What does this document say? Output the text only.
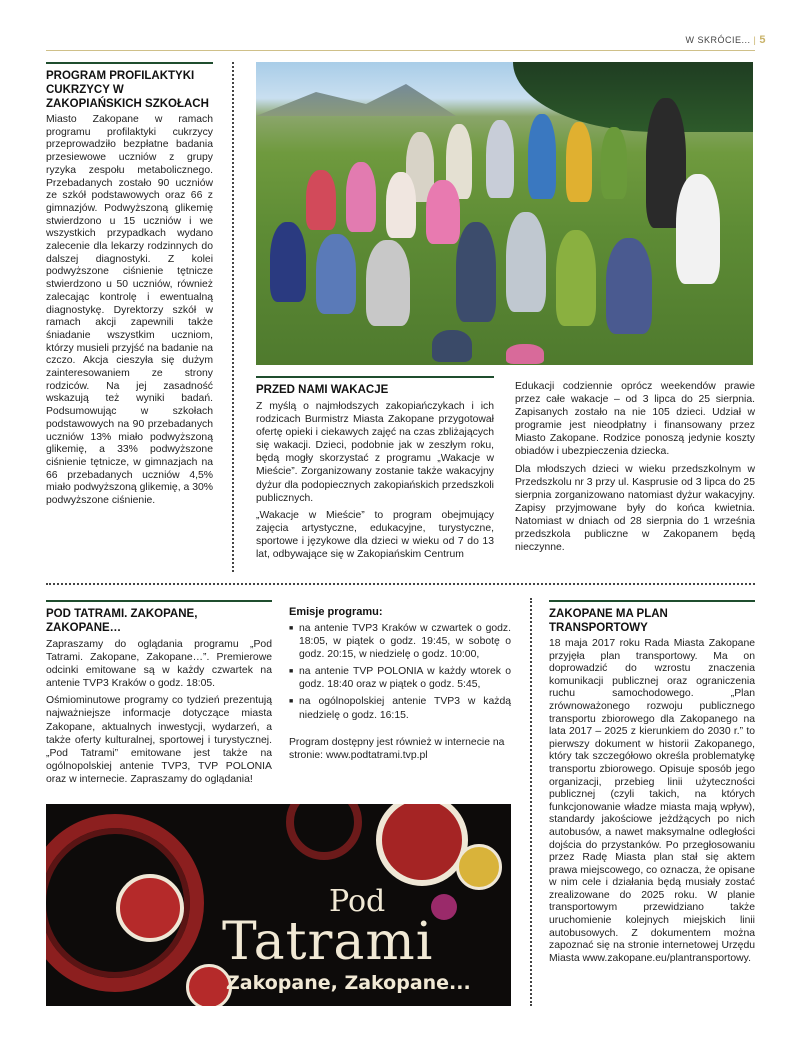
W SKRÓCIE... | 5
PROGRAM PROFILAKTYKI CUKRZYCY W ZAKOPIAŃSKICH SZKOŁACH

Miasto Zakopane w ramach programu profilaktyki cukrzycy przeprowadziło bezpłatne badania przesiewowe uczniów z grupy ryzyka zespołu metabolicznego. Przebadanych zostało 90 uczniów ze szkół podstawowych oraz 66 z gimnazjów. Podwyższoną glikemię stwierdzono u 15 uczniów i we wszystkich przypadkach wydano zalecenie dla lekarzy rodzinnych do dalszej diagnostyki. Z kolei podwyższone ciśnienie tętnicze stwierdzono u 50 uczniów, również zalecając kontrolę i ewentualną diagnostykę. Dyrektorzy szkół w ramach akcji zapewnili także śniadanie wszystkim uczniom, którzy musieli przyjść na badanie na czczo. Akcja cieszyła się dużym zainteresowaniem ze strony rodziców. Na jej zasadność wskazują też wyniki badań. Podsumowując w szkołach podstawowych na 90 przebadanych uczniów 13% miało podwyższoną glikemię, a 33% podwyższone ciśnienie tętnicze, w gimnazjach na 66 przebadanych uczniów 4,5% miało podwyższoną glikemię, a 30% podwyższone ciśnienie.

PRZED NAMI WAKACJE

Z myślą o najmłodszych zakopiańczykach i ich rodzicach Burmistrz Miasta Zakopane przygotował ofertę opieki i ciekawych zajęć na czas zbliżających się wakacji. Dzieci, podobnie jak w zeszłym roku, będą mogły skorzystać z programu „Wakacje w Mieście”. Zorganizowany zostanie także wakacyjny dyżur dla podopiecznych zakopiańskich przedszkoli publicznych.

„Wakacje w Mieście” to program obejmujący zajęcia artystyczne, edukacyjne, turystyczne, sportowe i językowe dla dzieci w wieku od 7 do 13 lat, odbywające się w Zakopiańskim Centrum

Edukacji codziennie oprócz weekendów prawie przez całe wakacje – od 3 lipca do 25 sierpnia. Zapisanych zostało na nie 105 dzieci. Udział w programie jest nieodpłatny i finansowany przez Miasto Zakopane. Rodzice ponoszą jedynie koszty obiadów i ubezpieczenia dziecka.

Dla młodszych dzieci w wieku przedszkolnym w Przedszkolu nr 3 przy ul. Kasprusie od 3 lipca do 25 sierpnia zorganizowano natomiast dyżur wakacyjny. Zapisy przyjmowane były do końca kwietnia. Natomiast w dniach od 28 sierpnia do 1 września przedszkola publiczne w Zakopanem będą nieczynne.

POD TATRAMI. ZAKOPANE, ZAKOPANE…

Zapraszamy do oglądania programu „Pod Tatrami. Zakopane, Zakopane…”. Premierowe odcinki emitowane są w każdy czwartek na antenie TVP3 Kraków o godz. 18:05.

Ośmiominutowe programy co tydzień prezentują najważniejsze informacje dotyczące miasta Zakopane, aktualnych inwestycji, wydarzeń, a także oferty kulturalnej, sportowej i turystycznej. „Pod Tatrami” emitowane jest także na ogólnopolskiej antenie TVP3, TVP POLONIA oraz w internecie. Zapraszamy do oglądania!

Emisje programu:
■ na antenie TVP3 Kraków w czwartek o godz. 18:05, w piątek o godz. 19:45, w sobotę o godz. 20:15, w niedzielę o godz. 10:00,
■ na antenie TVP POLONIA w każdy wtorek o godz. 18:40 oraz w piątek o godz. 5:45,
■ na ogólnopolskiej antenie TVP3 w każdą niedzielę o godz. 16:15.

Program dostępny jest również w internecie na stronie: www.podtatrami.tvp.pl

Pod
Tatrami
Zakopane, Zakopane...
ZAKOPANE MA PLAN TRANSPORTOWY

18 maja 2017 roku Rada Miasta Zakopane przyjęła plan transportowy. Ma on doprowadzić do wzrostu znaczenia komunikacji publicznej oraz ograniczenia ruchu samochodowego. „Plan zrównoważonego rozwoju publicznego transportu zbiorowego dla Zakopanego na lata 2017 – 2025 z kierunkiem do 2030 r.” to pierwszy dokument w historii Zakopanego, który tak szczegółowo określa problematykę transportu zbiorowego. Opisuje sposób jego organizacji, przebieg linii użyteczności publicznej (czyli takich, na których funkcjonowanie władze miasta mają wpływ), standardy jakościowe jeżdżących po nich autobusów, a nawet maksymalne odległości dojścia do przystanków. Po przegłosowaniu przez Radę Miasta plan stał się aktem prawa miejscowego, co oznacza, że opisane w nim cele i działania będą musiały zostać zrealizowane do 2025 roku. W planie transportowym przewidziano także uruchomienie kolejnych miejskich linii autobusowych. Z dokumentem można zapoznać się na stronie internetowej Urzędu Miasta www.zakopane.eu/plantransportowy.
